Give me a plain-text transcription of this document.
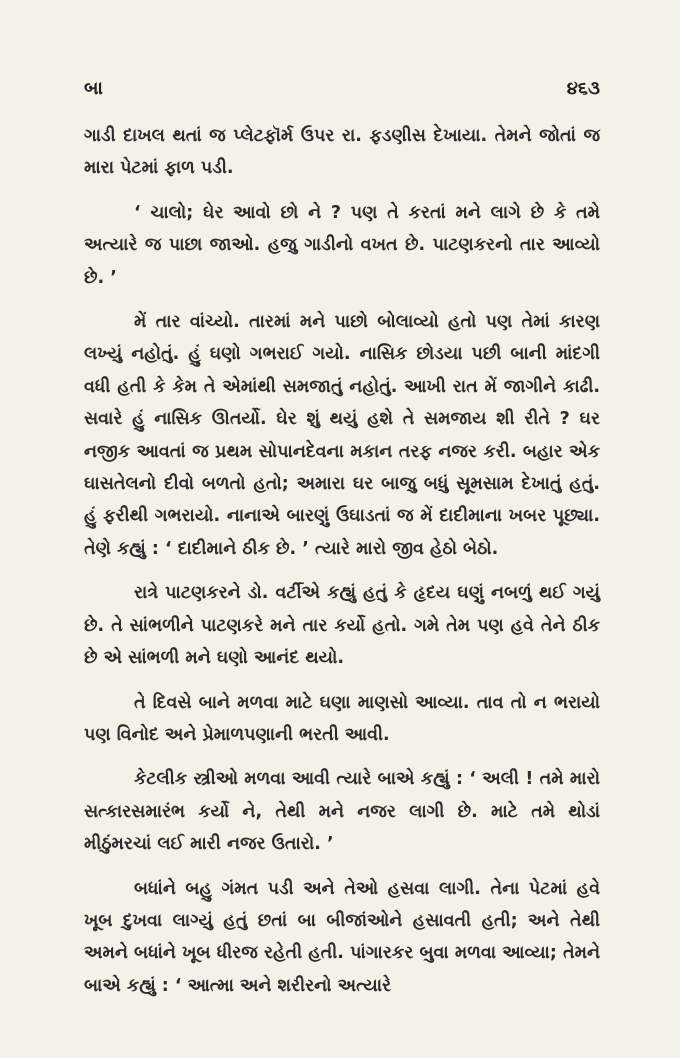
બા	૪૬૩

ગાડી દાખલ થતાં જ પ્લેટફૉર્મ ઉપર રા. ફડણીસ દેખાયા. તેમને જોતાં જ મારા પેટમાં ફાળ પડી.

‘ ચાલો; ઘેર આવો છો ને ? પણ તે કરતાં મને લાગે છે કે તમે અત્યારે જ પાછા જાઓ. હજુ ગાડીનો વખત છે. પાટણકરનો તાર આવ્યો છે. ’

મેં તાર વાંચ્યો. તારમાં મને પાછો બોલાવ્યો હતો પણ તેમાં કારણ લખ્યું નહોતું. હું ઘણો ગભરાઈ ગયો. નાસિક છોડયા પછી બાની માંદગી વધી હતી કે કેમ તે એમાંથી સમજાતું નહોતું. આખી રાત મેં જાગીને કાઢી. સવારે હું નાસિક ઊતર્યો. ઘેર શું થયું હશે તે સમજાય શી રીતે ? ઘર નજીક આવતાં જ પ્રથમ સોપાનદેવના મકાન તરફ નજર કરી. બહાર એક ઘાસતેલનો દીવો બળતો હતો; અમારા ઘર બાજુ બધું સૂમસામ દેખાતું હતું. હું ફરીથી ગભરાયો. નાનાએ બારણું ઉઘાડતાં જ મેં દાદીમાના ખબર પૂછ્યા. તેણે કહ્યું : ‘ દાદીમાને ઠીક છે. ’ ત્યારે મારો જીવ હેઠો બેઠો.

રાત્રે પાટણકરને ડો. વર્ટીએ કહ્યું હતું કે હૃદય ઘણું નબળું થઈ ગયું છે. તે સાંભળીને પાટણકરે મને તાર કર્યો હતો. ગમે તેમ પણ હવે તેને ઠીક છે એ સાંભળી મને ઘણો આનંદ થયો.

તે દિવસે બાને મળવા માટે ઘણા માણસો આવ્યા. તાવ તો ન ભરાયો પણ વિનોદ અને પ્રેમાળપણાની ભરતી આવી.

કેટલીક સ્ત્રીઓ મળવા આવી ત્યારે બાએ કહ્યું : ‘ અલી ! તમે મારો સત્કારસમારંભ કર્યો ને, તેથી મને નજર લાગી છે. માટે તમે થોડાં મીઠુંમરચાં લઈ મારી નજર ઉતારો. ’

બધાંને બહુ ગંમત પડી અને તેઓ હસવા લાગી. તેના પેટમાં હવે ખૂબ દુખવા લાગ્યું હતું છતાં બા બીજાંઓને હસાવતી હતી; અને તેથી અમને બધાંને ખૂબ ધીરજ રહેતી હતી. પાંગારકર બુવા મળવા આવ્યા; તેમને બાએ કહ્યું : ‘ આત્મા અને શરીરનો અત્યારે
